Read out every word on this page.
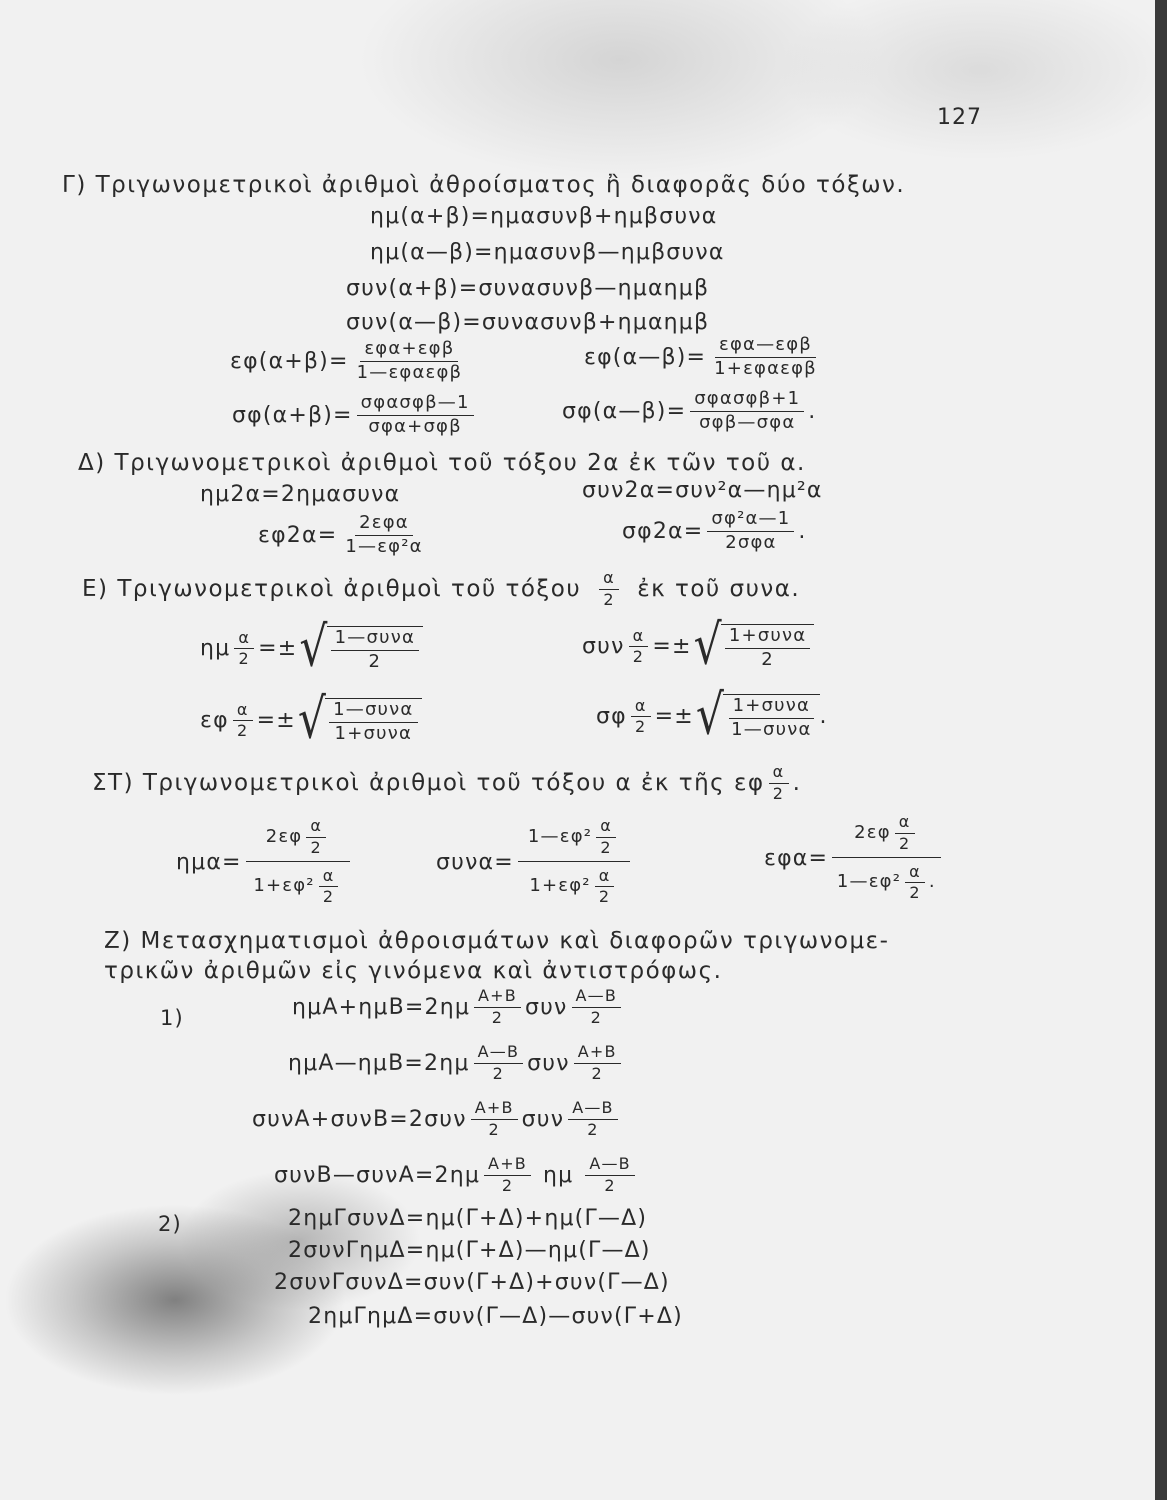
127
Γ) Τριγωνομετρικοὶ ἀριθμοὶ ἀθροίσματος ἢ διαφορᾶς δύο τόξων.
ημ(α+β)=ημασυνβ+ημβσυνα
ημ(α—β)=ημασυνβ—ημβσυνα
συν(α+β)=συνασυνβ—ημαημβ
συν(α—β)=συνασυνβ+ημαημβ
$\varepsilon\varphi(\alpha+\beta)= \frac{\text{εφα+εφβ}}{\text{1—εφαεφβ}}$	εφ(α—β)= $\frac{\text{εφα—εφβ}}{\text{1+εφαεφβ}}$
$\sigma\varphi(\alpha+\beta)= \frac{\text{σφασφβ—1}}{\text{σφα+σφβ}}$	σφ(α—β)= $\frac{\text{σφασφβ+1}}{\text{σφβ—σφα}}$ .
Δ) Τριγωνομετρικοὶ ἀριθμοὶ τοῦ τόξου 2α ἐκ τῶν τοῦ α.
ημ2α=2ημασυνα	συν2α=συν²α—ημ²α
$\varepsilon\varphi 2\alpha= \frac{\text{2εφα}}{\text{1—εφ²α}}$	$\sigma\varphi 2\alpha= \frac{\text{σφ²α—1}}{\text{2σφα}}$ .
Ε) Τριγωνομετρικοὶ ἀριθμοὶ τοῦ τόξου $\frac{\alpha}{2}$ ἐκ τοῦ συνα.
ημ $\frac{\alpha}{2}$ =± √ $\frac{\text{1—συνα}}{2}$	συν $\frac{\alpha}{2}$ =± √ $\frac{\text{1+συνα}}{2}$
εφ $\frac{\alpha}{2}$ =± √ $\frac{\text{1—συνα}}{\text{1+συνα}}$	σφ $\frac{\alpha}{2}$ =± √ $\frac{\text{1+συνα}}{\text{1—συνα}}$ .
ΣΤ) Τριγωνομετρικοὶ ἀριθμοὶ τοῦ τόξου α ἐκ τῆς εφ $\frac{\alpha}{2}$ .
$\eta\mu\alpha= \frac{2\varepsilon\varphi \frac{\alpha}{2}}{1+\varepsilon\varphi^2 \frac{\alpha}{2}}$	$\sigma\upsilon\nu\alpha= \frac{1—\varepsilon\varphi^2 \frac{\alpha}{2}}{1+\varepsilon\varphi^2 \frac{\alpha}{2}}$	$\varepsilon\varphi\alpha= \frac{2\varepsilon\varphi \frac{\alpha}{2}}{1—\varepsilon\varphi^2 \frac{\alpha}{2} .}$
Ζ) Μετασχηματισμοὶ ἀθροισμάτων καὶ διαφορῶν τριγωνομε-
τρικῶν ἀριθμῶν εἰς γινόμενα καὶ ἀντιστρόφως.
1)	$\eta\mu A+\eta\mu B=2\eta\mu \frac{A+B}{2}$ συν $\frac{A—B}{2}$
ημΑ—ημΒ=2ημ $\frac{A—B}{2}$ συν $\frac{A+B}{2}$
$\sigma\upsilon\nu A+\sigma\upsilon\nu B=2\sigma\upsilon\nu \frac{A+B}{2}$ συν $\frac{A—B}{2}$
συνΒ—συνΑ=2ημ $\frac{A+B}{2}$ ημ $\frac{A—B}{2}$
2)	2ημΓσυνΔ=ημ(Γ+Δ)+ημ(Γ—Δ)
2συνΓημΔ=ημ(Γ+Δ)—ημ(Γ—Δ)
2συνΓσυνΔ=συν(Γ+Δ)+συν(Γ—Δ)
2ημΓημΔ=συν(Γ—Δ)—συν(Γ+Δ)
